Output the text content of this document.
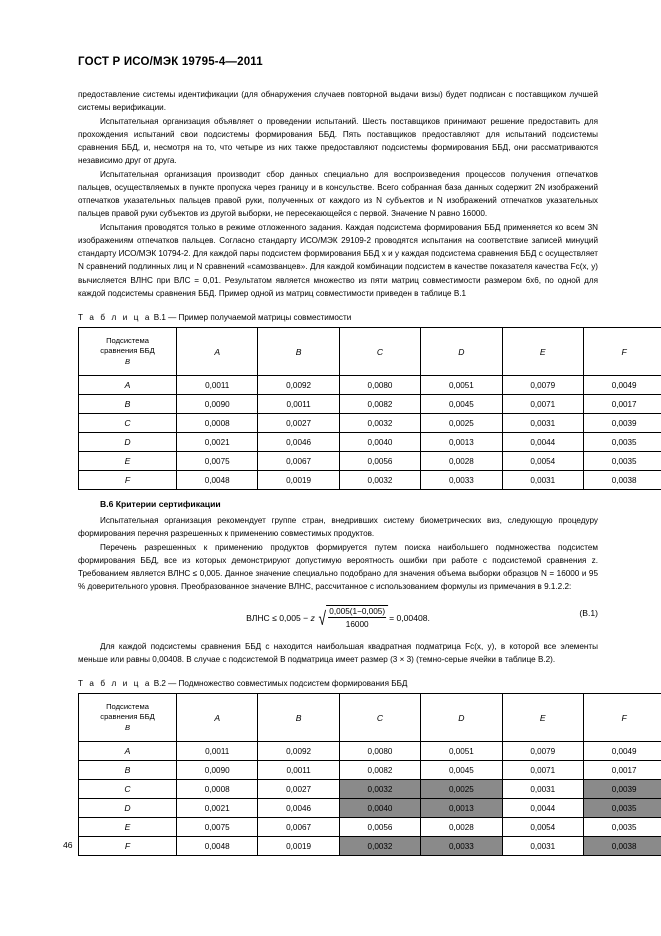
ГОСТ Р ИСО/МЭК 19795-4—2011

предоставление системы идентификации (для обнаружения случаев повторной выдачи визы) будет подписан с поставщиком лучшей системы верификации.

Испытательная организация объявляет о проведении испытаний. Шесть поставщиков принимают решение предоставить для прохождения испытаний свои подсистемы формирования ББД. Пять поставщиков предоставляют для испытаний подсистемы сравнения ББД, и, несмотря на то, что четыре из них также предоставляют подсистемы формирования ББД, они рассматриваются независимо друг от друга.

Испытательная организация производит сбор данных специально для воспроизведения процессов получения отпечатков пальцев, осуществляемых в пункте пропуска через границу и в консульстве. Всего собранная база данных содержит 2N изображений отпечатков указательных пальцев правой руки, полученных от каждого из N субъектов и N изображений отпечатков указательных пальцев правой руки субъектов из другой выборки, не пересекающейся с первой. Значение N равно 16000.

Испытания проводятся только в режиме отложенного задания. Каждая подсистема формирования ББД применяется ко всем 3N изображениям отпечатков пальцев. Согласно стандарту ИСО/МЭК 29109-2 проводятся испытания на соответствие записей минуций стандарту ИСО/МЭК 10794-2. Для каждой пары подсистем формирования ББД x и y каждая подсистема сравнения ББД c осуществляет N сравнений подлинных лиц и N сравнений «самозванцев». Для каждой комбинации подсистем в качестве показателя качества Fc(x, y) вычисляется ВЛНС при ВЛС = 0,01. Результатом является множество из пяти матриц совместимости размером 6х6, по одной для каждой подсистемы сравнения ББД. Пример одной из матриц совместимости приведен в таблице В.1

Т а б л и ц а В.1 — Пример получаемой матрицы совместимости
Подсистема
сравнения ББД
B	A	B	C	D	E	F
A	0,0011	0,0092	0,0080	0,0051	0,0079	0,0049
B	0,0090	0,0011	0,0082	0,0045	0,0071	0,0017
C	0,0008	0,0027	0,0032	0,0025	0,0031	0,0039
D	0,0021	0,0046	0,0040	0,0013	0,0044	0,0035
E	0,0075	0,0067	0,0056	0,0028	0,0054	0,0035
F	0,0048	0,0019	0,0032	0,0033	0,0031	0,0038

В.6 Критерии сертификации

Испытательная организация рекомендует группе стран, внедривших систему биометрических виз, следующую процедуру формирования перечня разрешенных к применению совместимых продуктов.

Перечень разрешенных к применению продуктов формируется путем поиска наибольшего подмножества подсистем формирования ББД, все из которых демонстрируют допустимую вероятность ошибки при работе с подсистемой сравнения z. Требованием является ВЛНС ≤ 0,005. Данное значение специально подобрано для значения объема выборки образцов N = 16000 и 95 % доверительного уровня. Преобразованное значение ВЛНС, рассчитанное с использованием формулы из примечания в 9.1.2.2:

ВЛНС ≤ 0,005 −
z √ $\frac{0,005(1-0,005)}{16000} = 0,00408$.
(В.1)

Для каждой подсистемы сравнения ББД c находится наибольшая квадратная подматрица Fc(x, y), в которой все элементы меньше или равны 0,00408. В случае с подсистемой B подматрица имеет размер (3 × 3) (темно-серые ячейки в таблице В.2).

Т а б л и ц а В.2 — Подмножество совместимых подсистем формирования ББД
Подсистема
сравнения ББД
B	A	B	C	D	E	F
A	0,0011	0,0092	0,0080	0,0051	0,0079	0,0049
B	0,0090	0,0011	0,0082	0,0045	0,0071	0,0017
C	0,0008	0,0027	0,0032	0,0025	0,0031	0,0039
D	0,0021	0,0046	0,0040	0,0013	0,0044	0,0035
E	0,0075	0,0067	0,0056	0,0028	0,0054	0,0035
F	0,0048	0,0019	0,0032	0,0033	0,0031	0,0038
46
